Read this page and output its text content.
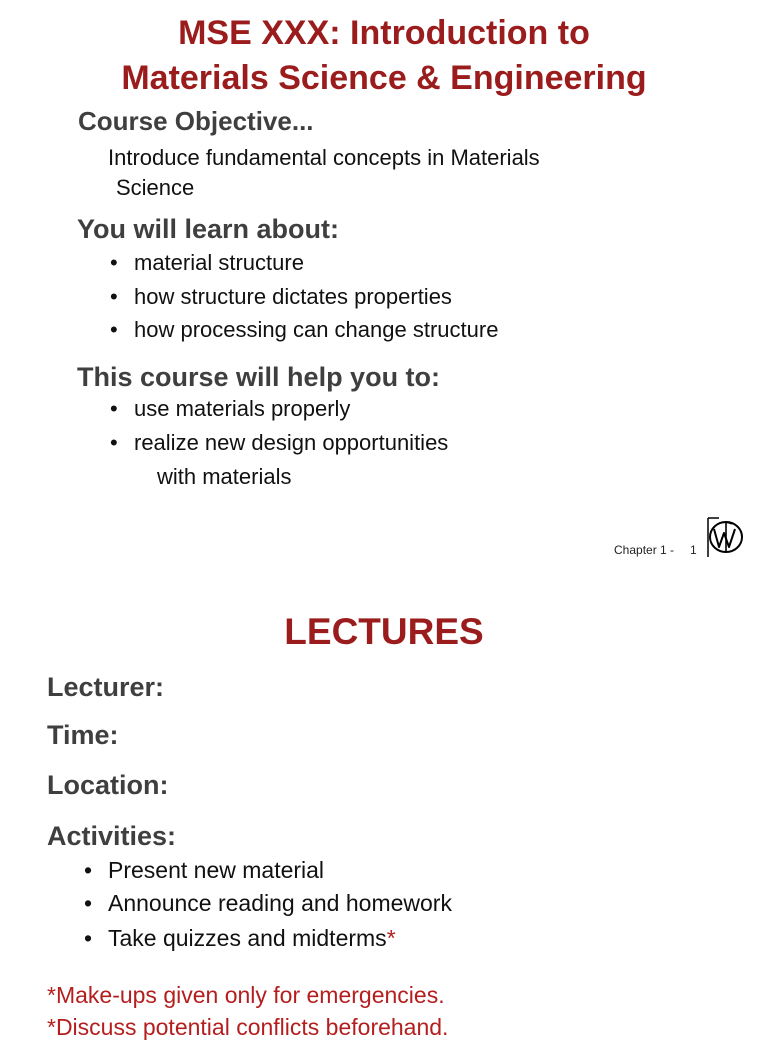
MSE XXX: Introduction to
Materials Science & Engineering
Course Objective...
Introduce fundamental concepts in Materials
Science
You will learn about:
• material structure
• how structure dictates properties
• how processing can change structure
This course will help you to:
• use materials properly
• realize new design opportunities
with materials
Chapter 1 - 1
LECTURES
Lecturer:
Time:
Location:
Activities:
• Present new material
• Announce reading and homework
• Take quizzes and midterms*
*Make-ups given only for emergencies.
*Discuss potential conflicts beforehand.
